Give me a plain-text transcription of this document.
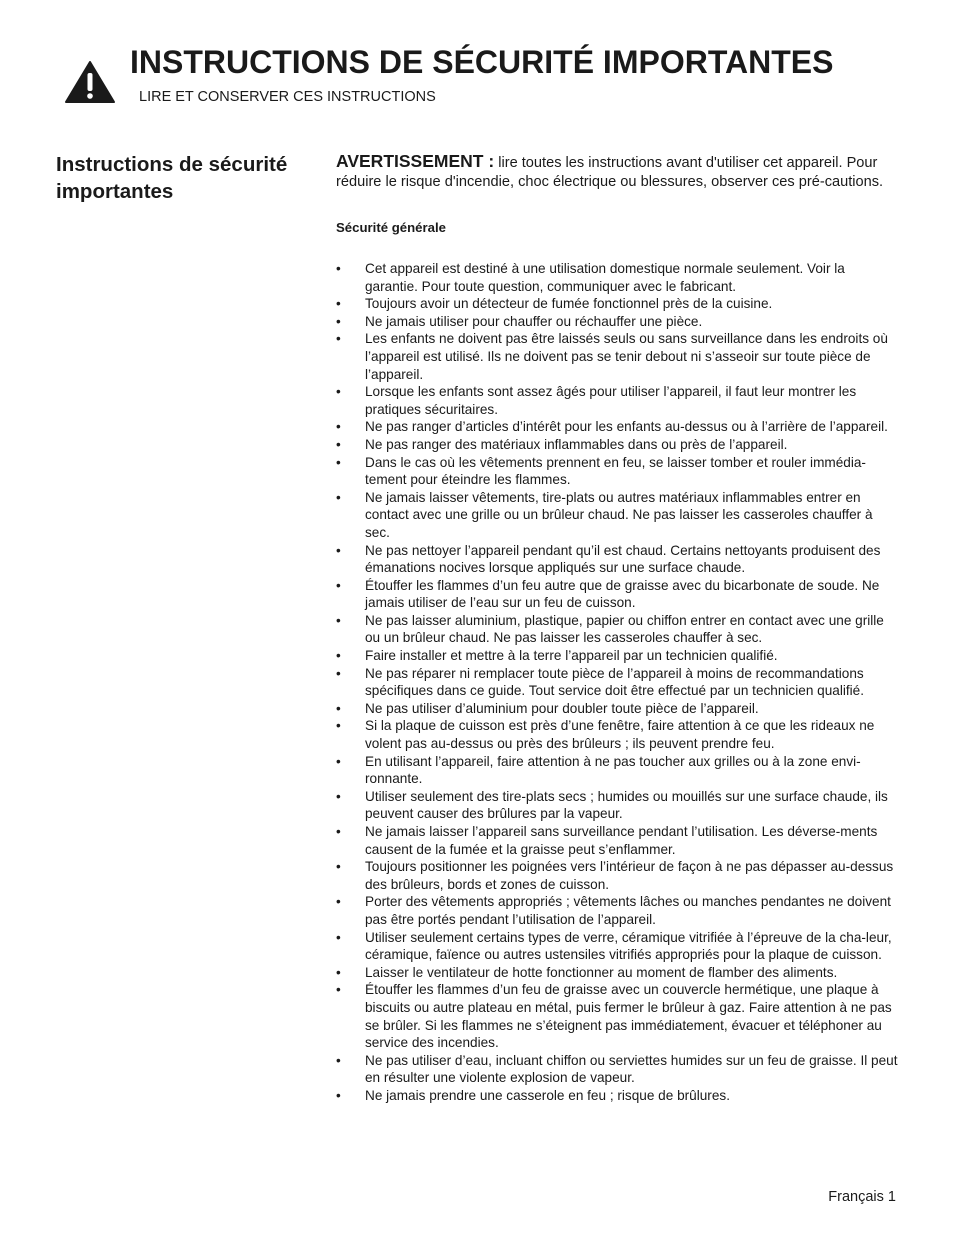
INSTRUCTIONS DE SÉCURITÉ IMPORTANTES

LIRE ET CONSERVER CES INSTRUCTIONS

Instructions de sécurité importantes

AVERTISSEMENT : lire toutes les instructions avant d'utiliser cet appareil. Pour réduire le risque d'incendie, choc électrique ou blessures, observer ces pré-cautions.

Sécurité générale

•	Cet appareil est destiné à une utilisation domestique normale seulement. Voir la garantie. Pour toute question, communiquer avec le fabricant.
•	Toujours avoir un détecteur de fumée fonctionnel près de la cuisine.
•	Ne jamais utiliser pour chauffer ou réchauffer une pièce.
•	Les enfants ne doivent pas être laissés seuls ou sans surveillance dans les endroits où l’appareil est utilisé. Ils ne doivent pas se tenir debout ni s’asseoir sur toute pièce de l’appareil.
•	Lorsque les enfants sont assez âgés pour utiliser l’appareil, il faut leur montrer les pratiques sécuritaires.
•	Ne pas ranger d’articles d’intérêt pour les enfants au-dessus ou à l’arrière de l’appareil.
•	Ne pas ranger des matériaux inflammables dans ou près de l’appareil.
•	Dans le cas où les vêtements prennent en feu, se laisser tomber et rouler immédia-tement pour éteindre les flammes.
•	Ne jamais laisser vêtements, tire-plats ou autres matériaux inflammables entrer en contact avec une grille ou un brûleur chaud. Ne pas laisser les casseroles chauffer à sec.
•	Ne pas nettoyer l’appareil pendant qu’il est chaud. Certains nettoyants produisent des émanations nocives lorsque appliqués sur une surface chaude.
•	Étouffer les flammes d’un feu autre que de graisse avec du bicarbonate de soude. Ne jamais utiliser de l’eau sur un feu de cuisson.
•	Ne pas laisser aluminium, plastique, papier ou chiffon entrer en contact avec une grille ou un brûleur chaud. Ne pas laisser les casseroles chauffer à sec.
•	Faire installer et mettre à la terre l’appareil par un technicien qualifié.
•	Ne pas réparer ni remplacer toute pièce de l’appareil à moins de recommandations spécifiques dans ce guide. Tout service doit être effectué par un technicien qualifié.
•	Ne pas utiliser d’aluminium pour doubler toute pièce de l’appareil.
•	Si la plaque de cuisson est près d’une fenêtre, faire attention à ce que les rideaux ne volent pas au-dessus ou près des brûleurs ; ils peuvent prendre feu.
•	En utilisant l’appareil, faire attention à ne pas toucher aux grilles ou à la zone envi-ronnante.
•	Utiliser seulement des tire-plats secs ; humides ou mouillés sur une surface chaude, ils peuvent causer des brûlures par la vapeur.
•	Ne jamais laisser l’appareil sans surveillance pendant l’utilisation. Les déverse-ments causent de la fumée et la graisse peut s’enflammer.
•	Toujours positionner les poignées vers l’intérieur de façon à ne pas dépasser au-dessus des brûleurs, bords et zones de cuisson.
•	Porter des vêtements appropriés ; vêtements lâches ou manches pendantes ne doivent pas être portés pendant l’utilisation de l’appareil.
•	Utiliser seulement certains types de verre, céramique vitrifiée à l’épreuve de la cha-leur, céramique, faïence ou autres ustensiles vitrifiés appropriés pour la plaque de cuisson.
•	Laisser le ventilateur de hotte fonctionner au moment de flamber des aliments.
•	Étouffer les flammes d’un feu de graisse avec un couvercle hermétique, une plaque à biscuits ou autre plateau en métal, puis fermer le brûleur à gaz. Faire attention à ne pas se brûler. Si les flammes ne s’éteignent pas immédiatement, évacuer et téléphoner au service des incendies.
•	Ne pas utiliser d’eau, incluant chiffon ou serviettes humides sur un feu de graisse. Il peut en résulter une violente explosion de vapeur.
•	Ne jamais prendre une casserole en feu ; risque de brûlures.
Français 1
